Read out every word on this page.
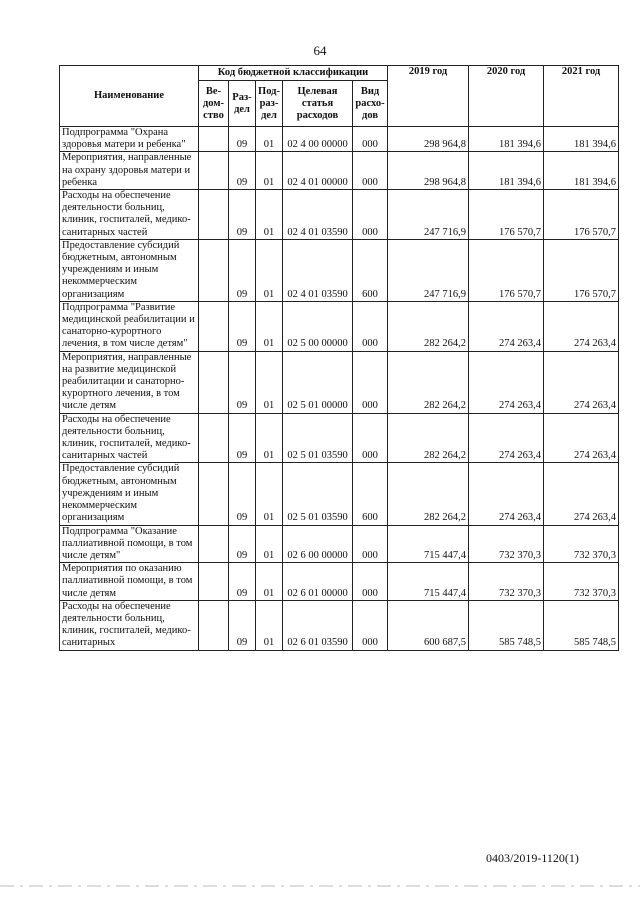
64
Наименование	Код бюджетной классификации					2019 год	2020 год	2021 год
	Ве-дом-ство	Раз-дел	Под-раз-дел	Целевая статья расходов	Вид расхо-дов			
Подпрограмма "Охрана здоровья матери и ребенка"		09	01	02 4 00 00000	000	298 964,8	181 394,6	181 394,6
Мероприятия, направленные на охрану здоровья матери и ребенка		09	01	02 4 01 00000	000	298 964,8	181 394,6	181 394,6
Расходы на обеспечение деятельности больниц, клиник, госпиталей, медико-санитарных частей		09	01	02 4 01 03590	000	247 716,9	176 570,7	176 570,7
Предоставление субсидий бюджетным, автономным учреждениям и иным некоммерческим организациям		09	01	02 4 01 03590	600	247 716,9	176 570,7	176 570,7
Подпрограмма "Развитие медицинской реабилитации и санаторно-курортного лечения, в том числе детям"		09	01	02 5 00 00000	000	282 264,2	274 263,4	274 263,4
Мероприятия, направленные на развитие медицинской реабилитации и санаторно-курортного лечения, в том числе детям		09	01	02 5 01 00000	000	282 264,2	274 263,4	274 263,4
Расходы на обеспечение деятельности больниц, клиник, госпиталей, медико-санитарных частей		09	01	02 5 01 03590	000	282 264,2	274 263,4	274 263,4
Предоставление субсидий бюджетным, автономным учреждениям и иным некоммерческим организациям		09	01	02 5 01 03590	600	282 264,2	274 263,4	274 263,4
Подпрограмма "Оказание паллиативной помощи, в том числе детям"		09	01	02 6 00 00000	000	715 447,4	732 370,3	732 370,3
Мероприятия по оказанию паллиативной помощи, в том числе детям		09	01	02 6 01 00000	000	715 447,4	732 370,3	732 370,3
Расходы на обеспечение деятельности больниц, клиник, госпиталей, медико-санитарных		09	01	02 6 01 03590	000	600 687,5	585 748,5	585 748,5
0403/2019-1120(1)
